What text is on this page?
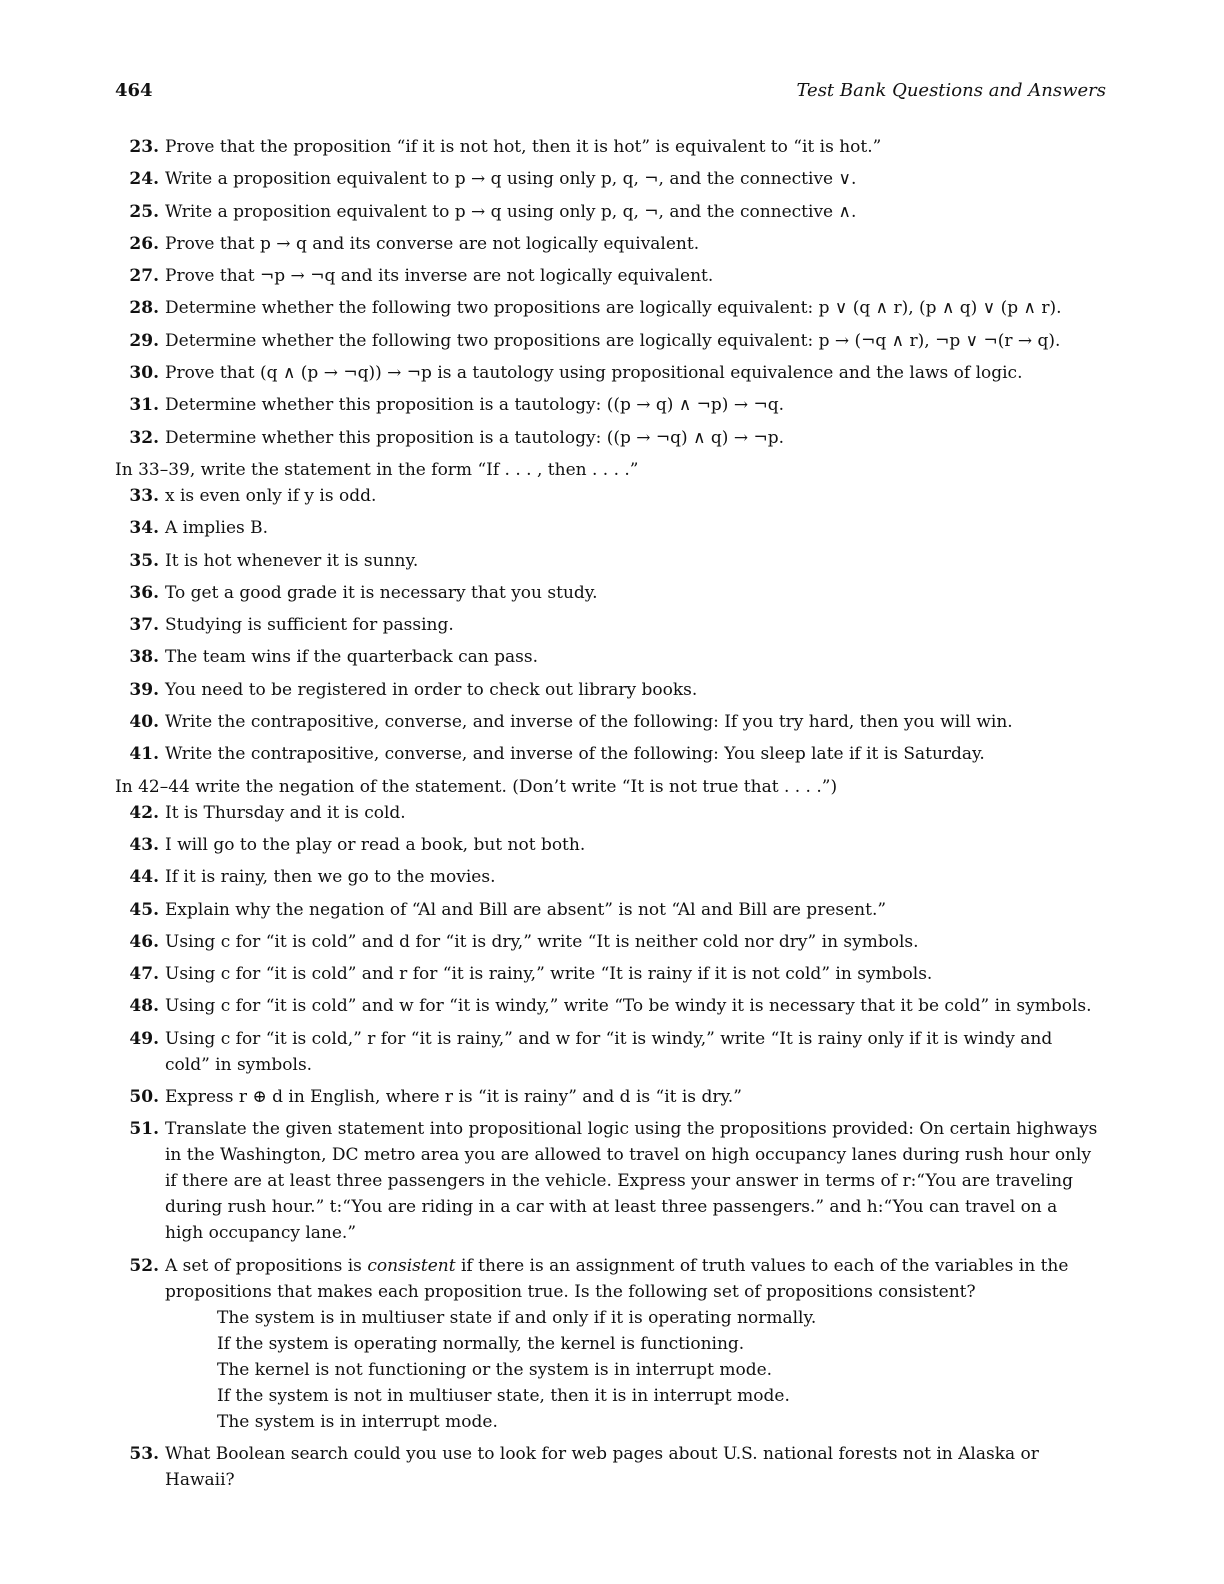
464	Test Bank Questions and Answers
23. Prove that the proposition “if it is not hot, then it is hot” is equivalent to “it is hot.”
24. Write a proposition equivalent to p → q using only p, q, ¬, and the connective ∨.
25. Write a proposition equivalent to p → q using only p, q, ¬, and the connective ∧.
26. Prove that p → q and its converse are not logically equivalent.
27. Prove that ¬p → ¬q and its inverse are not logically equivalent.
28. Determine whether the following two propositions are logically equivalent: p ∨ (q ∧ r), (p ∧ q) ∨ (p ∧ r).
29. Determine whether the following two propositions are logically equivalent: p → (¬q ∧ r), ¬p ∨ ¬(r → q).
30. Prove that (q ∧ (p → ¬q)) → ¬p is a tautology using propositional equivalence and the laws of logic.
31. Determine whether this proposition is a tautology: ((p → q) ∧ ¬p) → ¬q.
32. Determine whether this proposition is a tautology: ((p → ¬q) ∧ q) → ¬p.
In 33–39, write the statement in the form “If . . . , then . . . .”
33. x is even only if y is odd.
34. A implies B.
35. It is hot whenever it is sunny.
36. To get a good grade it is necessary that you study.
37. Studying is sufficient for passing.
38. The team wins if the quarterback can pass.
39. You need to be registered in order to check out library books.
40. Write the contrapositive, converse, and inverse of the following: If you try hard, then you will win.
41. Write the contrapositive, converse, and inverse of the following: You sleep late if it is Saturday.
In 42–44 write the negation of the statement. (Don’t write “It is not true that . . . .”)
42. It is Thursday and it is cold.
43. I will go to the play or read a book, but not both.
44. If it is rainy, then we go to the movies.
45. Explain why the negation of “Al and Bill are absent” is not “Al and Bill are present.”
46. Using c for “it is cold” and d for “it is dry,” write “It is neither cold nor dry” in symbols.
47. Using c for “it is cold” and r for “it is rainy,” write “It is rainy if it is not cold” in symbols.
48. Using c for “it is cold” and w for “it is windy,” write “To be windy it is necessary that it be cold” in symbols.
49. Using c for “it is cold,” r for “it is rainy,” and w for “it is windy,” write “It is rainy only if it is windy and cold” in symbols.
50. Express r ⊕ d in English, where r is “it is rainy” and d is “it is dry.”
51. Translate the given statement into propositional logic using the propositions provided: On certain highways in the Washington, DC metro area you are allowed to travel on high occupancy lanes during rush hour only if there are at least three passengers in the vehicle. Express your answer in terms of r:“You are traveling during rush hour.” t:“You are riding in a car with at least three passengers.” and h:“You can travel on a high occupancy lane.”
52. A set of propositions is consistent if there is an assignment of truth values to each of the variables in the propositions that makes each proposition true. Is the following set of propositions consistent?
The system is in multiuser state if and only if it is operating normally.
If the system is operating normally, the kernel is functioning.
The kernel is not functioning or the system is in interrupt mode.
If the system is not in multiuser state, then it is in interrupt mode.
The system is in interrupt mode.
53. What Boolean search could you use to look for web pages about U.S. national forests not in Alaska or Hawaii?
